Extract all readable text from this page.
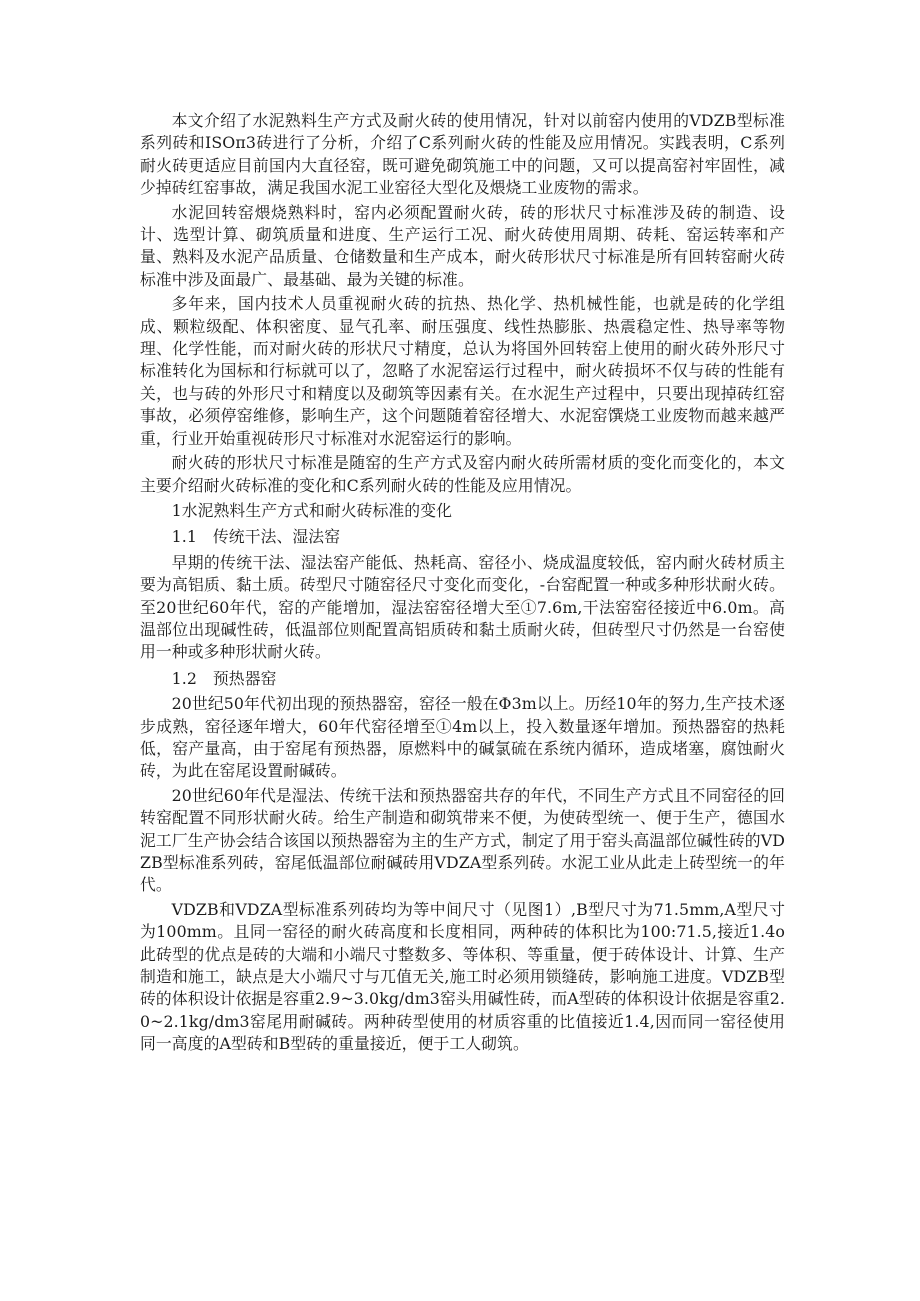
本文介绍了水泥熟料生产方式及耐火砖的使用情况，针对以前窑内使用的VDZB型标准系列砖和ISOπ3砖进行了分析，介绍了C系列耐火砖的性能及应用情况。实践表明，C系列耐火砖更适应目前国内大直径窑，既可避免砌筑施工中的问题，又可以提高窑衬牢固性，减少掉砖红窑事故，满足我国水泥工业窑径大型化及煨烧工业废物的需求。

水泥回转窑煨烧熟料时，窑内必须配置耐火砖，砖的形状尺寸标准涉及砖的制造、设计、选型计算、砌筑质量和进度、生产运行工况、耐火砖使用周期、砖耗、窑运转率和产量、熟料及水泥产品质量、仓储数量和生产成本，耐火砖形状尺寸标准是所有回转窑耐火砖标准中涉及面最广、最基础、最为关键的标准。

多年来，国内技术人员重视耐火砖的抗热、热化学、热机械性能，也就是砖的化学组成、颗粒级配、体积密度、显气孔率、耐压强度、线性热膨胀、热震稳定性、热导率等物理、化学性能，而对耐火砖的形状尺寸精度，总认为将国外回转窑上使用的耐火砖外形尺寸标准转化为国标和行标就可以了，忽略了水泥窑运行过程中，耐火砖损坏不仅与砖的性能有关，也与砖的外形尺寸和精度以及砌筑等因素有关。在水泥生产过程中，只要出现掉砖红窑事故，必须停窑维修，影响生产，这个问题随着窑径增大、水泥窑馔烧工业废物而越来越严重，行业开始重视砖形尺寸标准对水泥窑运行的影响。

耐火砖的形状尺寸标准是随窑的生产方式及窑内耐火砖所需材质的变化而变化的，本文主要介绍耐火砖标准的变化和C系列耐火砖的性能及应用情况。

1水泥熟料生产方式和耐火砖标准的变化

1.1　传统干法、湿法窑

早期的传统干法、湿法窑产能低、热耗高、窑径小、烧成温度较低，窑内耐火砖材质主要为高铝质、黏土质。砖型尺寸随窑径尺寸变化而变化，-台窑配置一种或多种形状耐火砖。至20世纪60年代，窑的产能增加，湿法窑窑径增大至①7.6m,干法窑窑径接近中6.0m。高温部位出现碱性砖，低温部位则配置高铝质砖和黏土质耐火砖，但砖型尺寸仍然是一台窑使用一种或多种形状耐火砖。

1.2　预热器窑

20世纪50年代初出现的预热器窑，窑径一般在Φ3m以上。历经10年的努力,生产技术逐步成熟，窑径逐年增大，60年代窑径增至①4m以上，投入数量逐年增加。预热器窑的热耗低，窑产量高，由于窑尾有预热器，原燃料中的碱氯硫在系统内循环，造成堵塞，腐蚀耐火砖，为此在窑尾设置耐碱砖。

20世纪60年代是湿法、传统干法和预热器窑共存的年代，不同生产方式且不同窑径的回转窑配置不同形状耐火砖。给生产制造和砌筑带来不便，为使砖型统一、便于生产，德国水泥工厂生产协会结合该国以预热器窑为主的生产方式，制定了用于窑头高温部位碱性砖的VDZB型标准系列砖，窑尾低温部位耐碱砖用VDZA型系列砖。水泥工业从此走上砖型统一的年代。

VDZB和VDZA型标准系列砖均为等中间尺寸（见图1）,B型尺寸为71.5mm,A型尺寸为100mm。且同一窑径的耐火砖高度和长度相同，两种砖的体积比为100:71.5,接近1.4o此砖型的优点是砖的大端和小端尺寸整数多、等体积、等重量，便于砖体设计、计算、生产制造和施工，缺点是大小端尺寸与兀值无关,施工时必须用锁缝砖，影响施工进度。VDZB型砖的体积设计依据是容重2.9~3.0kg∕dm3窑头用碱性砖，而A型砖的体积设计依据是容重2.0~2.1kg∕dm3窑尾用耐碱砖。两种砖型使用的材质容重的比值接近1.4,因而同一窑径使用同一高度的A型砖和B型砖的重量接近，便于工人砌筑。
